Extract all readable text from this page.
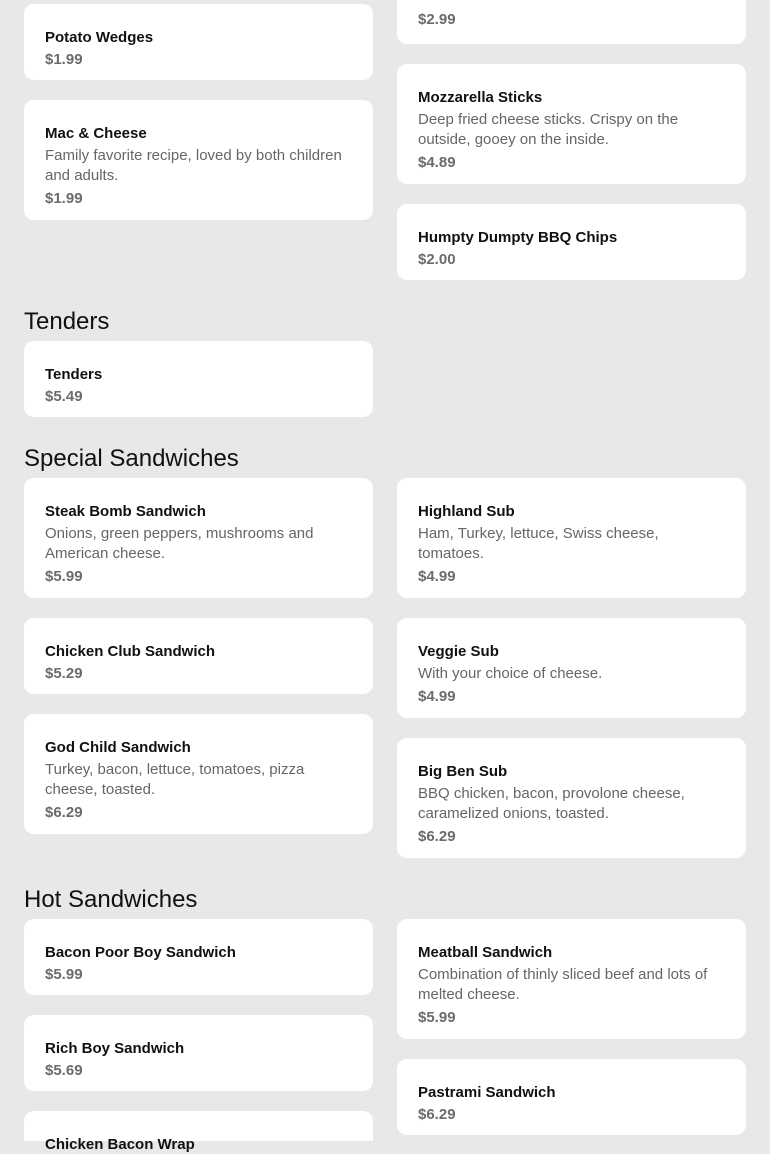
Potato Wedges
$1.99
$2.99
Mac & Cheese
Family favorite recipe, loved by both children and adults.
$1.99
Mozzarella Sticks
Deep fried cheese sticks. Crispy on the outside, gooey on the inside.
$4.89
Humpty Dumpty BBQ Chips
$2.00
Tenders
Tenders
$5.49
Special Sandwiches
Steak Bomb Sandwich
Onions, green peppers, mushrooms and American cheese.
$5.99
Highland Sub
Ham, Turkey, lettuce, Swiss cheese, tomatoes.
$4.99
Chicken Club Sandwich
$5.29
Veggie Sub
With your choice of cheese.
$4.99
God Child Sandwich
Turkey, bacon, lettuce, tomatoes, pizza cheese, toasted.
$6.29
Big Ben Sub
BBQ chicken, bacon, provolone cheese, caramelized onions, toasted.
$6.29
Hot Sandwiches
Bacon Poor Boy Sandwich
$5.99
Meatball Sandwich
Combination of thinly sliced beef and lots of melted cheese.
$5.99
Rich Boy Sandwich
$5.69
Pastrami Sandwich
$6.29
Chicken Bacon Wrap
